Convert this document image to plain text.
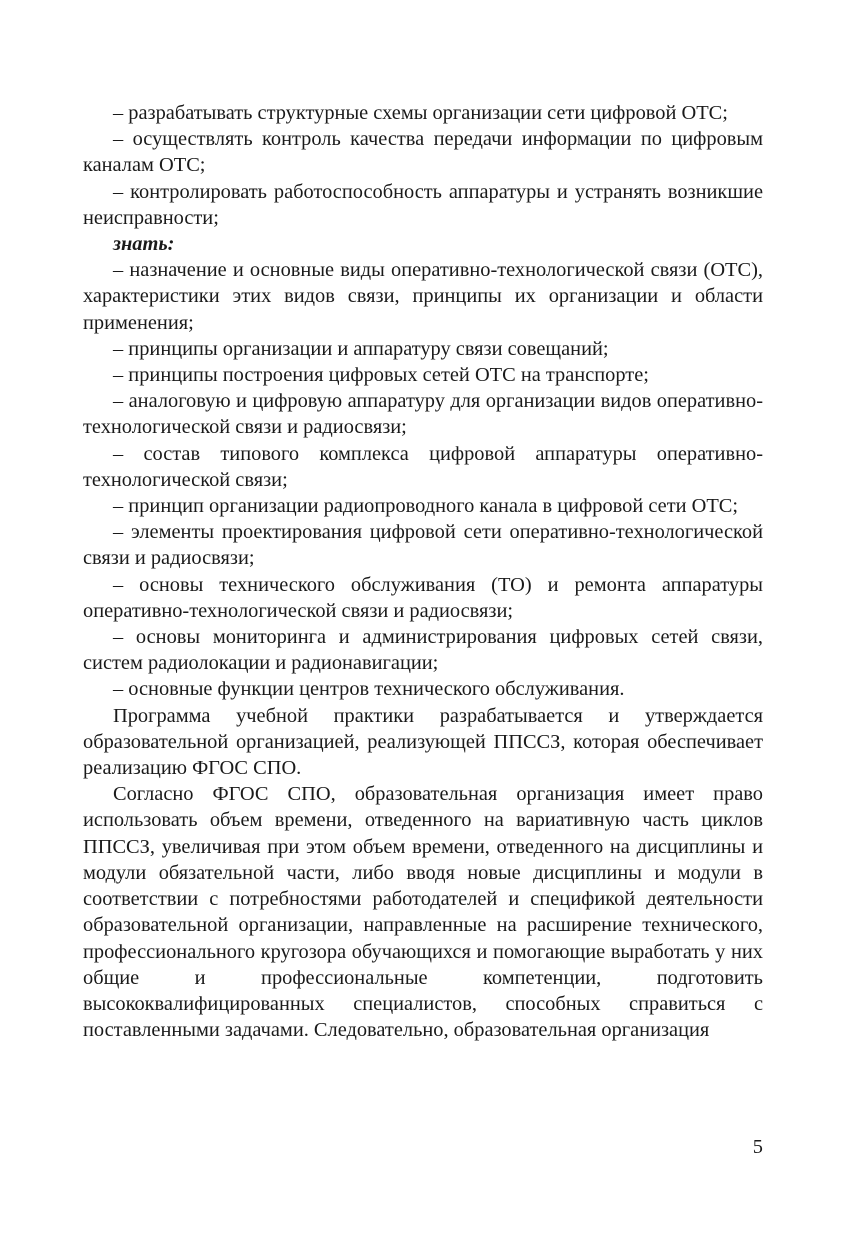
– разрабатывать структурные схемы организации сети цифровой ОТС;

– осуществлять контроль качества передачи информации по цифровым каналам ОТС;

– контролировать работоспособность аппаратуры и устранять возникшие неисправности;

знать:

– назначение и основные виды оперативно-технологической связи (ОТС), характеристики этих видов связи, принципы их организации и области применения;

– принципы организации и аппаратуру связи совещаний;

– принципы построения цифровых сетей ОТС на транспорте;

– аналоговую и цифровую аппаратуру для организации видов оперативно-технологической связи и радиосвязи;

– состав типового комплекса цифровой аппаратуры оперативно-технологической связи;

– принцип организации радиопроводного канала в цифровой сети ОТС;

– элементы проектирования цифровой сети оперативно-технологической связи и радиосвязи;

– основы технического обслуживания (ТО) и ремонта аппаратуры оперативно-технологической связи и радиосвязи;

– основы мониторинга и администрирования цифровых сетей связи, систем радиолокации и радионавигации;

– основные функции центров технического обслуживания.

Программа учебной практики разрабатывается и утверждается образовательной организацией, реализующей ППССЗ, которая обеспечивает реализацию ФГОС СПО.

Согласно ФГОС СПО, образовательная организация имеет право использовать объем времени, отведенного на вариативную часть циклов ППССЗ, увеличивая при этом объем времени, отведенного на дисциплины и модули обязательной части, либо вводя новые дисциплины и модули в соответствии с потребностями работодателей и спецификой деятельности образовательной организации, направленные на расширение технического, профессионального кругозора обучающихся и помогающие выработать у них общие и профессиональные компетенции, подготовить высококвалифицированных специалистов, способных справиться с поставленными задачами. Следовательно, образовательная организация

5
